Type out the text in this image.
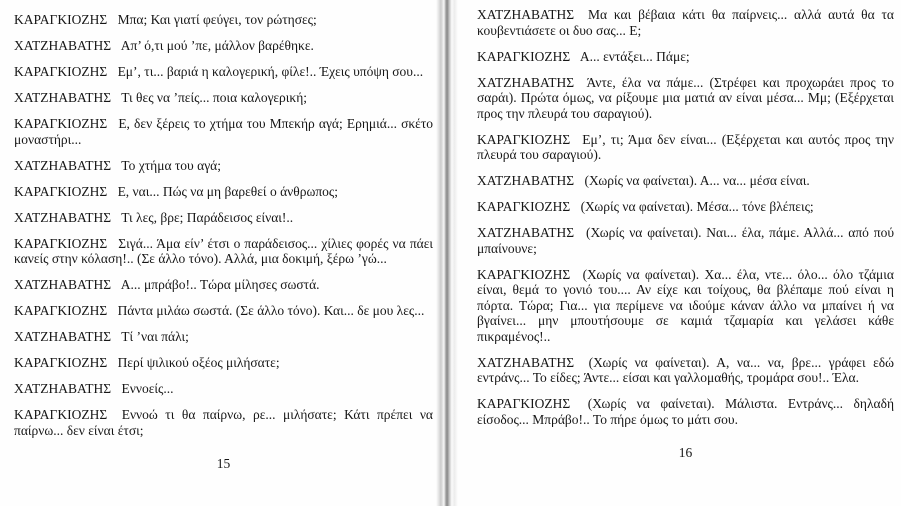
ΚΑΡΑΓΚΙΟΖΗΣ Μπα; Και γιατί φεύγει, τον ρώτησες;

ΧΑΤΖΗΑΒΑΤΗΣ Απ’ ό,τι μού ’πε, μάλλον βαρέθηκε.

ΚΑΡΑΓΚΙΟΖΗΣ Εμ’, τι... βαριά η καλογερική, φίλε!.. Έχεις υπόψη σου...

ΧΑΤΖΗΑΒΑΤΗΣ Τι θες να ’πείς... ποια καλογερική;

ΚΑΡΑΓΚΙΟΖΗΣ Ε, δεν ξέρεις το χτήμα του Μπεκήρ αγά; Ερημιά... σκέτο μοναστήρι...

ΧΑΤΖΗΑΒΑΤΗΣ Το χτήμα του αγά;

ΚΑΡΑΓΚΙΟΖΗΣ Ε, ναι... Πώς να μη βαρεθεί ο άνθρωπος;

ΧΑΤΖΗΑΒΑΤΗΣ Τι λες, βρε; Παράδεισος είναι!..

ΚΑΡΑΓΚΙΟΖΗΣ Σιγά... Άμα είν’ έτσι ο παράδεισος... χίλιες φορές να πάει κανείς στην κόλαση!.. (Σε άλλο τόνο). Αλλά, μια δοκιμή, ξέρω ’γώ...

ΧΑΤΖΗΑΒΑΤΗΣ Α... μπράβο!.. Τώρα μίλησες σωστά.

ΚΑΡΑΓΚΙΟΖΗΣ Πάντα μιλάω σωστά. (Σε άλλο τόνο). Και... δε μου λες...

ΧΑΤΖΗΑΒΑΤΗΣ Τί ’ναι πάλι;

ΚΑΡΑΓΚΙΟΖΗΣ Περί ψιλικού οξέος μιλήσατε;

ΧΑΤΖΗΑΒΑΤΗΣ Εννοείς...

ΚΑΡΑΓΚΙΟΖΗΣ Εννοώ τι θα παίρνω, ρε... μιλήσατε; Κάτι πρέπει να παίρνω... δεν είναι έτσι;

15

ΧΑΤΖΗΑΒΑΤΗΣ Μα και βέβαια κάτι θα παίρνεις... αλλά αυτά θα τα κουβεντιάσετε οι δυο σας... Ε;

ΚΑΡΑΓΚΙΟΖΗΣ Α... εντάξει... Πάμε;

ΧΑΤΖΗΑΒΑΤΗΣ Άντε, έλα να πάμε... (Στρέφει και προχωράει προς το σαράι). Πρώτα όμως, να ρίξουμε μια ματιά αν είναι μέσα... Μμ; (Εξέρχεται προς την πλευρά του σαραγιού).

ΚΑΡΑΓΚΙΟΖΗΣ Εμ’, τι; Άμα δεν είναι... (Εξέρχεται και αυτός προς την πλευρά του σαραγιού).

ΧΑΤΖΗΑΒΑΤΗΣ (Χωρίς να φαίνεται). Α... να... μέσα είναι.

ΚΑΡΑΓΚΙΟΖΗΣ (Χωρίς να φαίνεται). Μέσα... τόνε βλέπεις;

ΧΑΤΖΗΑΒΑΤΗΣ (Χωρίς να φαίνεται). Ναι... έλα, πάμε. Αλλά... από πού μπαίνουνε;

ΚΑΡΑΓΚΙΟΖΗΣ (Χωρίς να φαίνεται). Χα... έλα, ντε... όλο... όλο τζάμια είναι, θεμά το γονιό του.... Αν είχε και τοίχους, θα βλέπαμε πού είναι η πόρτα. Τώρα; Για... για περίμενε να ιδούμε κάναν άλλο να μπαίνει ή να βγαίνει... μην μπουτήσουμε σε καμιά τζαμαρία και γελάσει κάθε πικραμένος!..

ΧΑΤΖΗΑΒΑΤΗΣ (Χωρίς να φαίνεται). Α, να... να, βρε... γράφει εδώ εντράνς... Το είδες; Άντε... είσαι και γαλλομαθής, τρομάρα σου!.. Έλα.

ΚΑΡΑΓΚΙΟΖΗΣ (Χωρίς να φαίνεται). Μάλιστα. Εντράνς... δηλαδή είσοδος... Μπράβο!.. Το πήρε όμως το μάτι σου.

16
